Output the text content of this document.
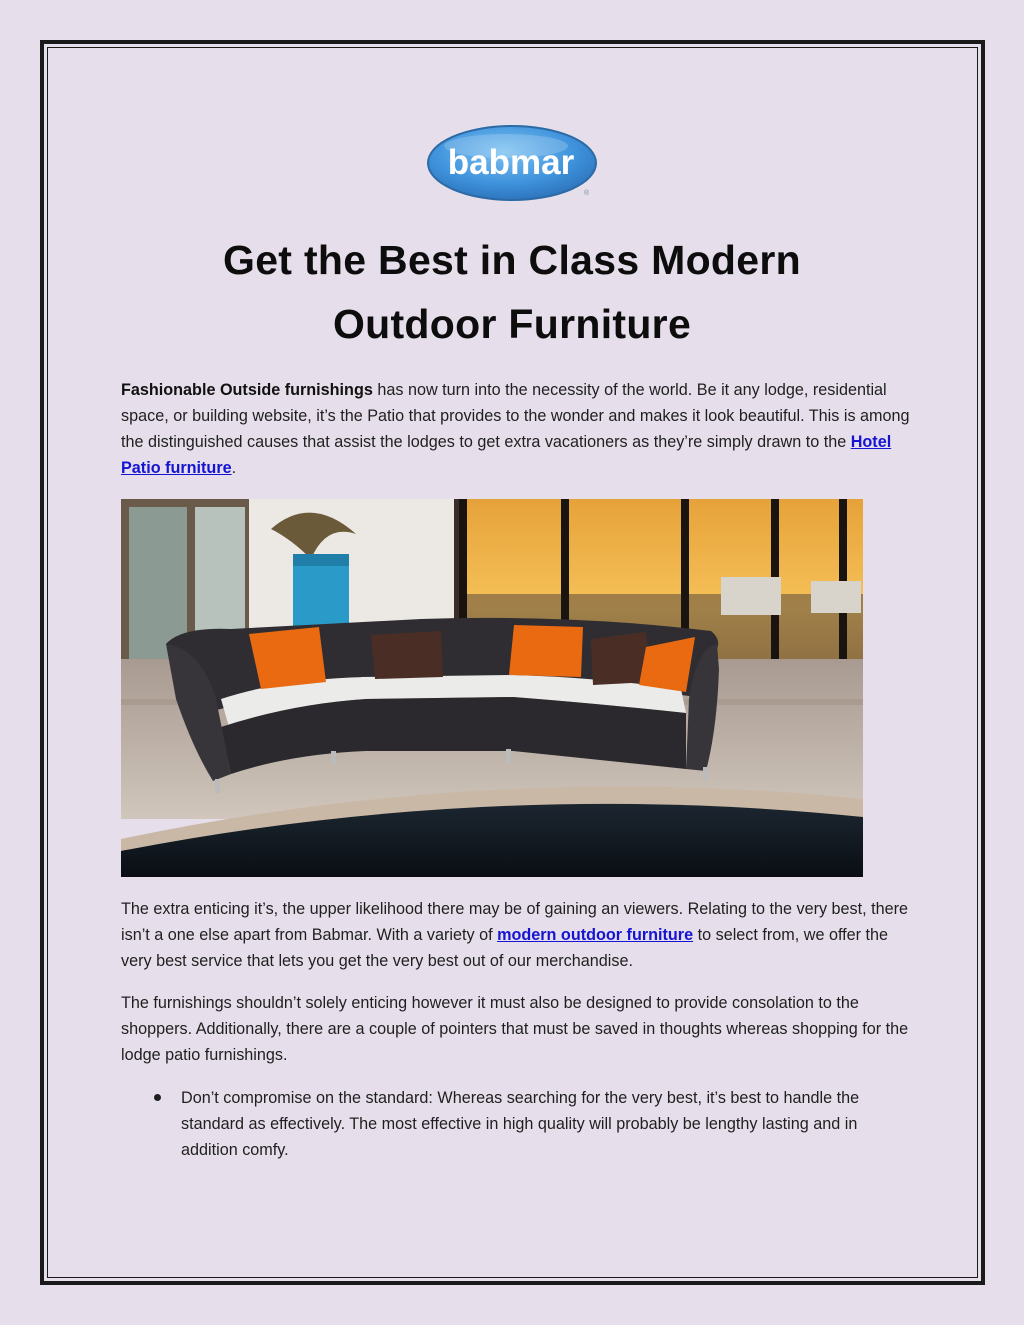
babmar
®
Get the Best in Class Modern
Outdoor Furniture
Fashionable Outside furnishings has now turn into the necessity of the world. Be it any lodge, residential space, or building website, it’s the Patio that provides to the wonder and makes it look beautiful. This is among the distinguished causes that assist the lodges to get extra vacationers as they’re simply drawn to the Hotel Patio furniture.
The extra enticing it’s, the upper likelihood there may be of gaining an viewers. Relating to the very best, there isn’t a one else apart from Babmar. With a variety of modern outdoor furniture to select from, we offer the very best service that lets you get the very best out of our merchandise.
The furnishings shouldn’t solely enticing however it must also be designed to provide consolation to the shoppers. Additionally, there are a couple of pointers that must be saved in thoughts whereas shopping for the lodge patio furnishings.
Don’t compromise on the standard: Whereas searching for the very best, it’s best to handle the standard as effectively. The most effective in high quality will probably be lengthy lasting and in addition comfy.
